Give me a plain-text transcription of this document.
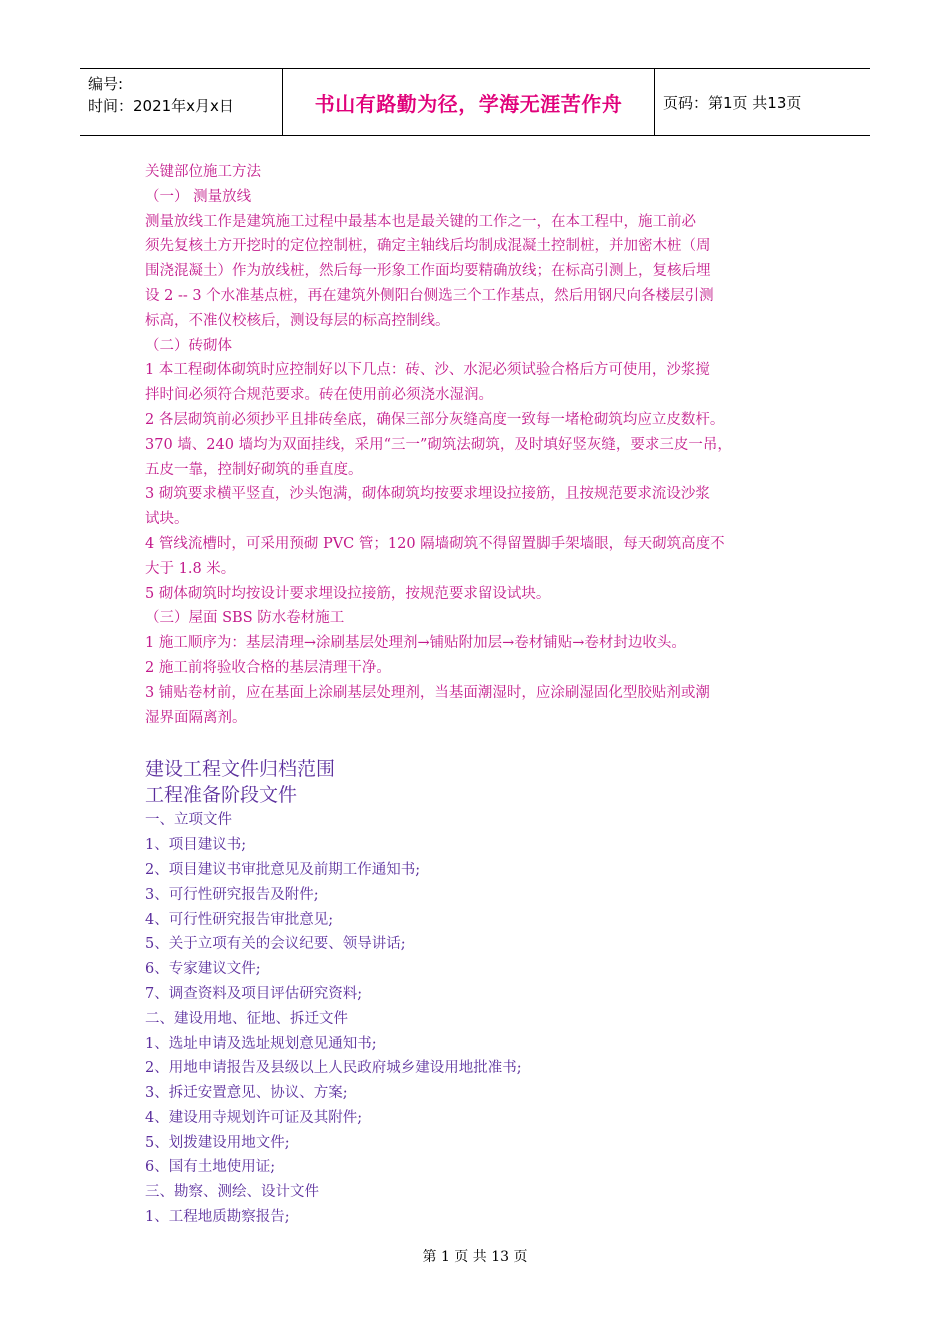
编号:
时间：2021年x月x日	书山有路勤为径，学海无涯苦作舟	页码：第1页 共13页
关键部位施工方法
（一） 测量放线
测量放线工作是建筑施工过程中最基本也是最关键的工作之一，在本工程中，施工前必
须先复核土方开挖时的定位控制桩，确定主轴线后均制成混凝土控制桩，并加密木桩（周
围浇混凝土）作为放线桩，然后每一形象工作面均要精确放线；在标高引测上，复核后埋
设 2 -- 3 个水准基点桩，再在建筑外侧阳台侧选三个工作基点，然后用钢尺向各楼层引测
标高，不准仪校核后，测设每层的标高控制线。
（二）砖砌体
1 本工程砌体砌筑时应控制好以下几点：砖、沙、水泥必须试验合格后方可使用，沙浆搅
拌时间必须符合规范要求。砖在使用前必须浇水湿润。
2 各层砌筑前必须抄平且排砖垒底，确保三部分灰缝高度一致每一堵枪砌筑均应立皮数杆。
370 墙、240 墙均为双面挂线，采用“三一”砌筑法砌筑，及时填好竖灰缝，要求三皮一吊，
五皮一靠，控制好砌筑的垂直度。
3 砌筑要求横平竖直，沙头饱满，砌体砌筑均按要求埋设拉接筋，且按规范要求流设沙浆
试块。
4 管线流槽时，可采用预砌 PVC 管；120 隔墙砌筑不得留置脚手架墙眼，每天砌筑高度不
大于 1.8 米。
5 砌体砌筑时均按设计要求埋设拉接筋，按规范要求留设试块。
（三）屋面 SBS 防水卷材施工
1 施工顺序为：基层清理→涂刷基层处理剂→铺贴附加层→卷材铺贴→卷材封边收头。
2 施工前将验收合格的基层清理干净。
3 铺贴卷材前，应在基面上涂刷基层处理剂，当基面潮湿时，应涂刷湿固化型胶贴剂或潮
湿界面隔离剂。
建设工程文件归档范围
工程准备阶段文件
一、立项文件
1、项目建议书;
2、项目建议书审批意见及前期工作通知书;
3、可行性研究报告及附件;
4、可行性研究报告审批意见;
5、关于立项有关的会议纪要、领导讲话;
6、专家建议文件;
7、调查资料及项目评估研究资料;
二、建设用地、征地、拆迁文件
1、选址申请及选址规划意见通知书;
2、用地申请报告及县级以上人民政府城乡建设用地批准书;
3、拆迁安置意见、协议、方案;
4、建设用寺规划许可证及其附件;
5、划拨建设用地文件;
6、国有土地使用证;
三、勘察、测绘、设计文件
1、工程地质勘察报告;
第 1 页 共 13 页
